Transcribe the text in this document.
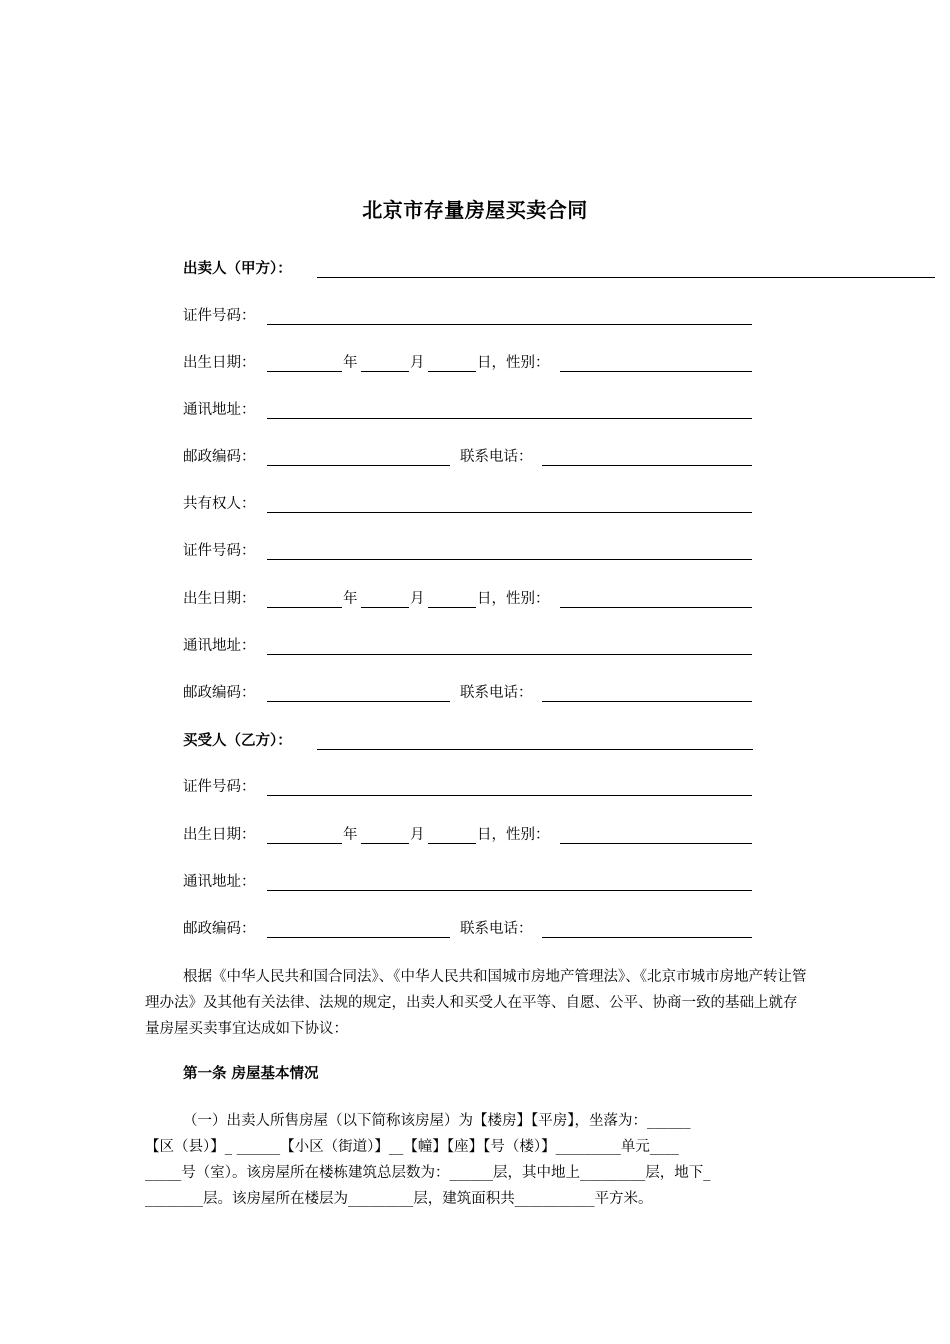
北京市存量房屋买卖合同
出卖人（甲方）：
证件号码：
出生日期：	年	月	日，性别：
通讯地址：
邮政编码：	联系电话：
共有权人：
证件号码：
出生日期：	年	月	日，性别：
通讯地址：
邮政编码：	联系电话：
买受人（乙方）：
证件号码：
出生日期：	年	月	日，性别：
通讯地址：
邮政编码：	联系电话：
根据《中华人民共和国合同法》、《中华人民共和国城市房地产管理法》、《北京市城市房地产转让管理办法》及其他有关法律、法规的规定，出卖人和买受人在平等、自愿、公平、协商一致的基础上就存量房屋买卖事宜达成如下协议：
第一条 房屋基本情况
（一）出卖人所售房屋（以下简称该房屋）为【楼房】【平房】，坐落为：______
【区（县）】_ ______【小区（街道）】__【幢】【座】【号（楼）】_________单元____
_____号（室）。该房屋所在楼栋建筑总层数为：______层，其中地上_________层，地下_
________层。该房屋所在楼层为_________层，建筑面积共___________平方米。
